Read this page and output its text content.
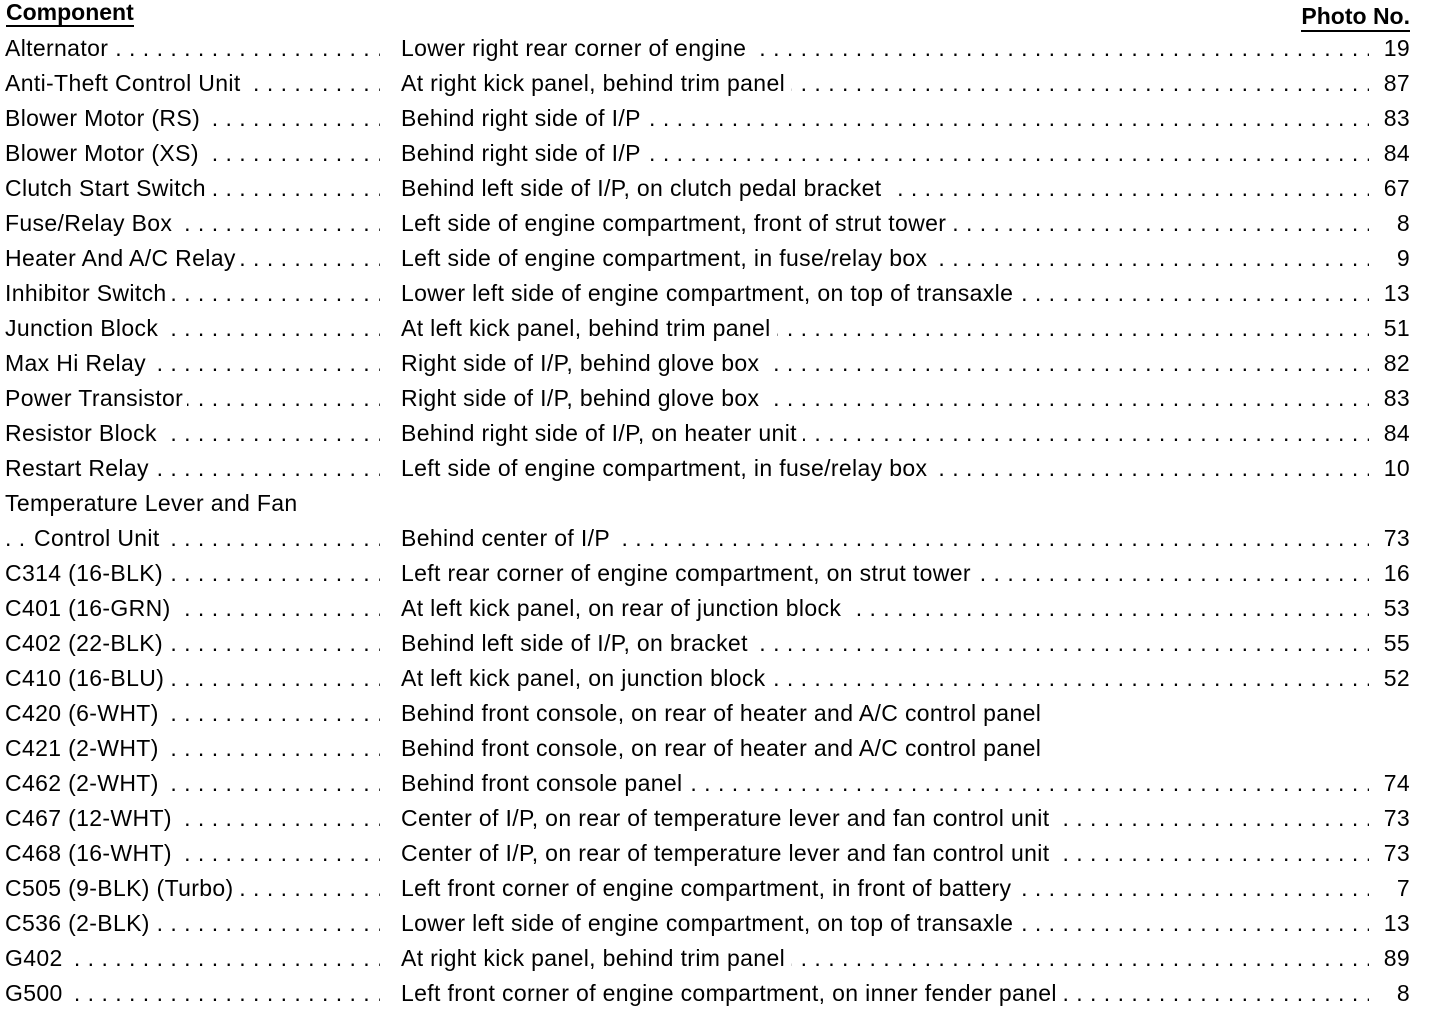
Component	Photo No.
Alternator . . .	Lower right rear corner of engine . . .	19
Anti-Theft Control Unit . . .	At right kick panel, behind trim panel . . .	87
Blower Motor (RS) . . .	Behind right side of I/P . . .	83
Blower Motor (XS) . . .	Behind right side of I/P . . .	84
Clutch Start Switch . . .	Behind left side of I/P, on clutch pedal bracket . . .	67
Fuse/Relay Box . . .	Left side of engine compartment, front of strut tower . . .	8
Heater And A/C Relay . . .	Left side of engine compartment, in fuse/relay box . . .	9
Inhibitor Switch . . .	Lower left side of engine compartment, on top of transaxle . . .	13
Junction Block . . .	At left kick panel, behind trim panel . . .	51
Max Hi Relay . . .	Right side of I/P, behind glove box . . .	82
Power Transistor . . .	Right side of I/P, behind glove box . . .	83
Resistor Block . . .	Behind right side of I/P, on heater unit . . .	84
Restart Relay . . .	Left side of engine compartment, in fuse/relay box . . .	10
Temperature Lever and Fan
Control Unit . . .	Behind center of I/P . . .	73
C314 (16-BLK) . . .	Left rear corner of engine compartment, on strut tower . . .	16
C401 (16-GRN) . . .	At left kick panel, on rear of junction block . . .	53
C402 (22-BLK) . . .	Behind left side of I/P, on bracket . . .	55
C410 (16-BLU) . . .	At left kick panel, on junction block . . .	52
C420 (6-WHT) . . .	Behind front console, on rear of heater and A/C control panel
C421 (2-WHT) . . .	Behind front console, on rear of heater and A/C control panel
C462 (2-WHT) . . .	Behind front console panel . . .	74
C467 (12-WHT) . . .	Center of I/P, on rear of temperature lever and fan control unit . . .	73
C468 (16-WHT) . . .	Center of I/P, on rear of temperature lever and fan control unit . . .	73
C505 (9-BLK) (Turbo) . . .	Left front corner of engine compartment, in front of battery . . .	7
C536 (2-BLK) . . .	Lower left side of engine compartment, on top of transaxle . . .	13
G402 . . .	At right kick panel, behind trim panel . . .	89
G500 . . .	Left front corner of engine compartment, on inner fender panel . . .	8
